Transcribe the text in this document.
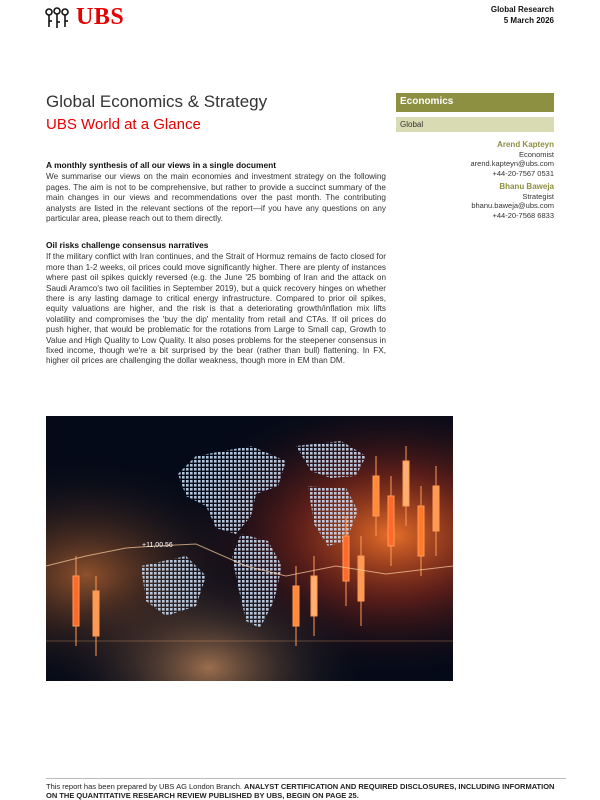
UBS	Global Research
5 March 2026
Global Economics & Strategy
UBS World at a Glance
Economics
Global
Arend Kapteyn
Economist
arend.kapteyn@ubs.com
+44-20-7567 0531
Bhanu Baweja
Strategist
bhanu.baweja@ubs.com
+44-20-7568 6833
A monthly synthesis of all our views in a single document
We summarise our views on the main economies and investment strategy on the following pages. The aim is not to be comprehensive, but rather to provide a succinct summary of the main changes in our views and recommendations over the past month. The contributing analysts are listed in the relevant sections of the report—if you have any questions on any particular area, please reach out to them directly.
Oil risks challenge consensus narratives
If the military conflict with Iran continues, and the Strait of Hormuz remains de facto closed for more than 1-2 weeks, oil prices could move significantly higher. There are plenty of instances where past oil spikes quickly reversed (e.g. the June '25 bombing of Iran and the attack on Saudi Aramco's two oil facilities in September 2019), but a quick recovery hinges on whether there is any lasting damage to critical energy infrastructure. Compared to prior oil spikes, equity valuations are higher, and the risk is that a deteriorating growth/inflation mix lifts volatility and compromises the 'buy the dip' mentality from retail and CTAs. If oil prices do push higher, that would be problematic for the rotations from Large to Small cap, Growth to Value and High Quality to Low Quality. It also poses problems for the steepener consensus in fixed income, though we're a bit surprised by the bear (rather than bull) flattening. In FX, higher oil prices are challenging the dollar weakness, though more in EM than DM.
+11,00.56
This report has been prepared by UBS AG London Branch. ANALYST CERTIFICATION AND REQUIRED DISCLOSURES, INCLUDING INFORMATION ON THE QUANTITATIVE RESEARCH REVIEW PUBLISHED BY UBS, BEGIN ON PAGE 25.
